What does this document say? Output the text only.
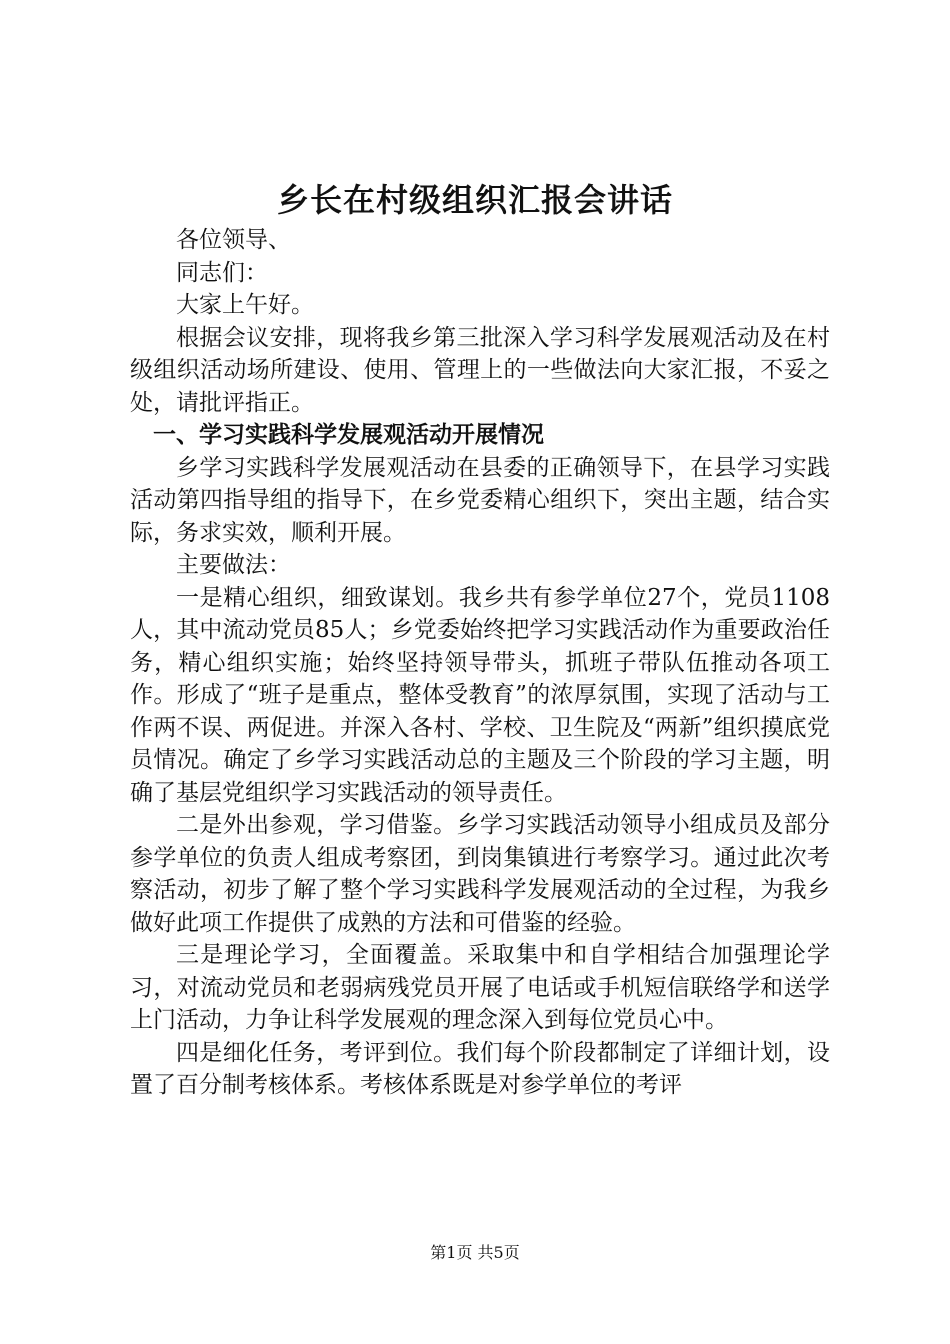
乡长在村级组织汇报会讲话

各位领导、

同志们：

大家上午好。

根据会议安排，现将我乡第三批深入学习科学发展观活动及在村级组织活动场所建设、使用、管理上的一些做法向大家汇报，不妥之处，请批评指正。

一、学习实践科学发展观活动开展情况

乡学习实践科学发展观活动在县委的正确领导下，在县学习实践活动第四指导组的指导下，在乡党委精心组织下，突出主题，结合实际，务求实效，顺利开展。

主要做法：

一是精心组织，细致谋划。我乡共有参学单位27个，党员1108人，其中流动党员85人；乡党委始终把学习实践活动作为重要政治任务，精心组织实施；始终坚持领导带头，抓班子带队伍推动各项工作。形成了“班子是重点，整体受教育”的浓厚氛围，实现了活动与工作两不误、两促进。并深入各村、学校、卫生院及“两新”组织摸底党员情况。确定了乡学习实践活动总的主题及三个阶段的学习主题，明确了基层党组织学习实践活动的领导责任。

二是外出参观，学习借鉴。乡学习实践活动领导小组成员及部分参学单位的负责人组成考察团，到岗集镇进行考察学习。通过此次考察活动，初步了解了整个学习实践科学发展观活动的全过程，为我乡做好此项工作提供了成熟的方法和可借鉴的经验。

三是理论学习，全面覆盖。采取集中和自学相结合加强理论学习，对流动党员和老弱病残党员开展了电话或手机短信联络学和送学上门活动，力争让科学发展观的理念深入到每位党员心中。

四是细化任务，考评到位。我们每个阶段都制定了详细计划，设置了百分制考核体系。考核体系既是对参学单位的考评

第1页 共5页
